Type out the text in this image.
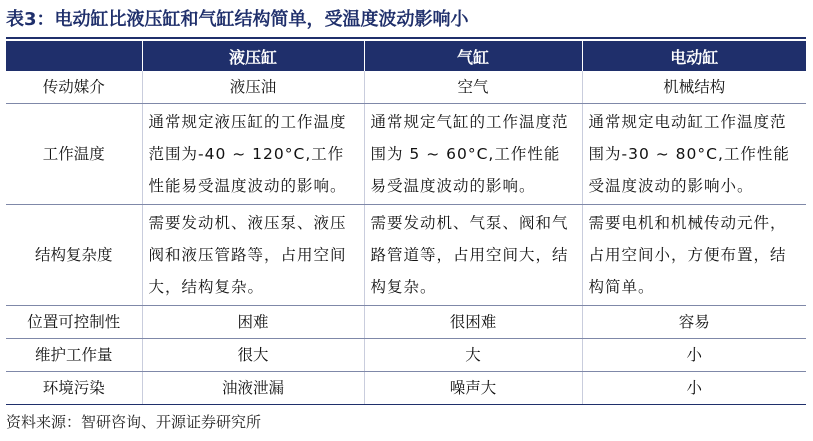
表3：电动缸比液压缸和气缸结构简单，受温度波动影响小
	液压缸	气缸	电动缸
传动媒介	液压油	空气	机械结构
工作温度	通常规定液压缸的工作温度范围为-40 ~ 120°C,工作性能易受温度波动的影响。	通常规定气缸的工作温度范围为 5 ~ 60°C,工作性能易受温度波动的影响。	通常规定电动缸工作温度范围为-30 ~ 80°C,工作性能受温度波动的影响小。
结构复杂度	需要发动机、液压泵、液压阀和液压管路等，占用空间大，结构复杂。	需要发动机、气泵、阀和气路管道等，占用空间大，结构复杂。	需要电机和机械传动元件，占用空间小，方便布置，结构简单。
位置可控制性	困难	很困难	容易
维护工作量	很大	大	小
环境污染	油液泄漏	噪声大	小
资料来源：智研咨询、开源证券研究所
